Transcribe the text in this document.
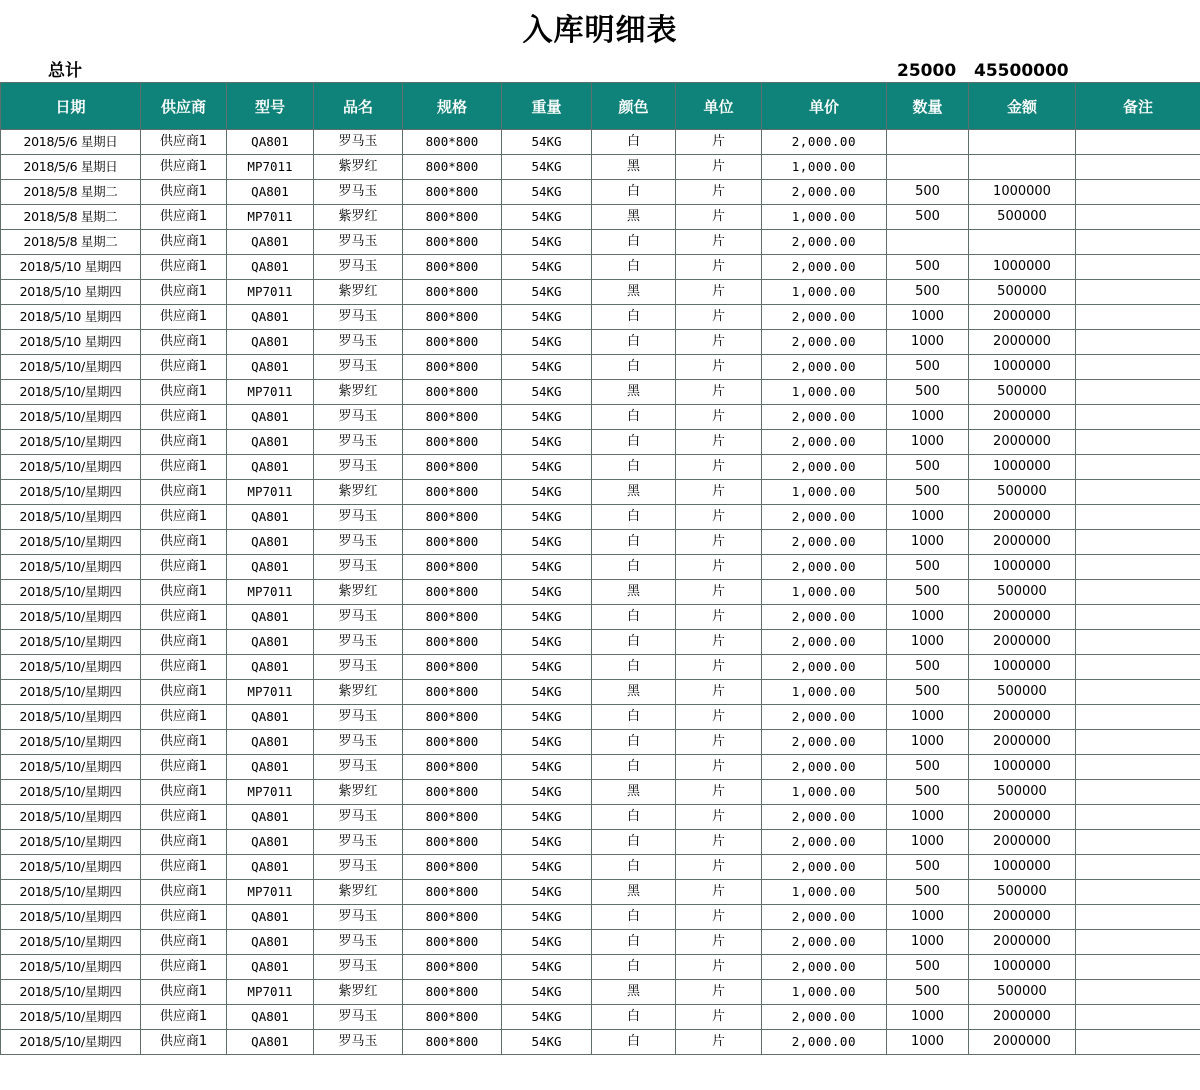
入库明细表
总计	25000 45500000
日期	供应商	型号	品名	规格	重量	颜色	单位	单价	数量	金额	备注
2018/5/6 星期日	供应商1	QA801	罗马玉	800*800	54KG	白	片	2,000.00			
2018/5/6 星期日	供应商1	MP7011	紫罗红	800*800	54KG	黑	片	1,000.00			
2018/5/8 星期二	供应商1	QA801	罗马玉	800*800	54KG	白	片	2,000.00	500	1000000	
2018/5/8 星期二	供应商1	MP7011	紫罗红	800*800	54KG	黑	片	1,000.00	500	500000	
2018/5/8 星期二	供应商1	QA801	罗马玉	800*800	54KG	白	片	2,000.00			
2018/5/10 星期四	供应商1	QA801	罗马玉	800*800	54KG	白	片	2,000.00	500	1000000	
2018/5/10 星期四	供应商1	MP7011	紫罗红	800*800	54KG	黑	片	1,000.00	500	500000	
2018/5/10 星期四	供应商1	QA801	罗马玉	800*800	54KG	白	片	2,000.00	1000	2000000	
2018/5/10 星期四	供应商1	QA801	罗马玉	800*800	54KG	白	片	2,000.00	1000	2000000	
2018/5/10/星期四	供应商1	QA801	罗马玉	800*800	54KG	白	片	2,000.00	500	1000000	
2018/5/10/星期四	供应商1	MP7011	紫罗红	800*800	54KG	黑	片	1,000.00	500	500000	
2018/5/10/星期四	供应商1	QA801	罗马玉	800*800	54KG	白	片	2,000.00	1000	2000000	
2018/5/10/星期四	供应商1	QA801	罗马玉	800*800	54KG	白	片	2,000.00	1000	2000000	
2018/5/10/星期四	供应商1	QA801	罗马玉	800*800	54KG	白	片	2,000.00	500	1000000	
2018/5/10/星期四	供应商1	MP7011	紫罗红	800*800	54KG	黑	片	1,000.00	500	500000	
2018/5/10/星期四	供应商1	QA801	罗马玉	800*800	54KG	白	片	2,000.00	1000	2000000	
2018/5/10/星期四	供应商1	QA801	罗马玉	800*800	54KG	白	片	2,000.00	1000	2000000	
2018/5/10/星期四	供应商1	QA801	罗马玉	800*800	54KG	白	片	2,000.00	500	1000000	
2018/5/10/星期四	供应商1	MP7011	紫罗红	800*800	54KG	黑	片	1,000.00	500	500000	
2018/5/10/星期四	供应商1	QA801	罗马玉	800*800	54KG	白	片	2,000.00	1000	2000000	
2018/5/10/星期四	供应商1	QA801	罗马玉	800*800	54KG	白	片	2,000.00	1000	2000000	
2018/5/10/星期四	供应商1	QA801	罗马玉	800*800	54KG	白	片	2,000.00	500	1000000	
2018/5/10/星期四	供应商1	MP7011	紫罗红	800*800	54KG	黑	片	1,000.00	500	500000	
2018/5/10/星期四	供应商1	QA801	罗马玉	800*800	54KG	白	片	2,000.00	1000	2000000	
2018/5/10/星期四	供应商1	QA801	罗马玉	800*800	54KG	白	片	2,000.00	1000	2000000	
2018/5/10/星期四	供应商1	QA801	罗马玉	800*800	54KG	白	片	2,000.00	500	1000000	
2018/5/10/星期四	供应商1	MP7011	紫罗红	800*800	54KG	黑	片	1,000.00	500	500000	
2018/5/10/星期四	供应商1	QA801	罗马玉	800*800	54KG	白	片	2,000.00	1000	2000000	
2018/5/10/星期四	供应商1	QA801	罗马玉	800*800	54KG	白	片	2,000.00	1000	2000000	
2018/5/10/星期四	供应商1	QA801	罗马玉	800*800	54KG	白	片	2,000.00	500	1000000	
2018/5/10/星期四	供应商1	MP7011	紫罗红	800*800	54KG	黑	片	1,000.00	500	500000	
2018/5/10/星期四	供应商1	QA801	罗马玉	800*800	54KG	白	片	2,000.00	1000	2000000	
2018/5/10/星期四	供应商1	QA801	罗马玉	800*800	54KG	白	片	2,000.00	1000	2000000	
2018/5/10/星期四	供应商1	QA801	罗马玉	800*800	54KG	白	片	2,000.00	500	1000000	
2018/5/10/星期四	供应商1	MP7011	紫罗红	800*800	54KG	黑	片	1,000.00	500	500000	
2018/5/10/星期四	供应商1	QA801	罗马玉	800*800	54KG	白	片	2,000.00	1000	2000000	
2018/5/10/星期四	供应商1	QA801	罗马玉	800*800	54KG	白	片	2,000.00	1000	2000000	
